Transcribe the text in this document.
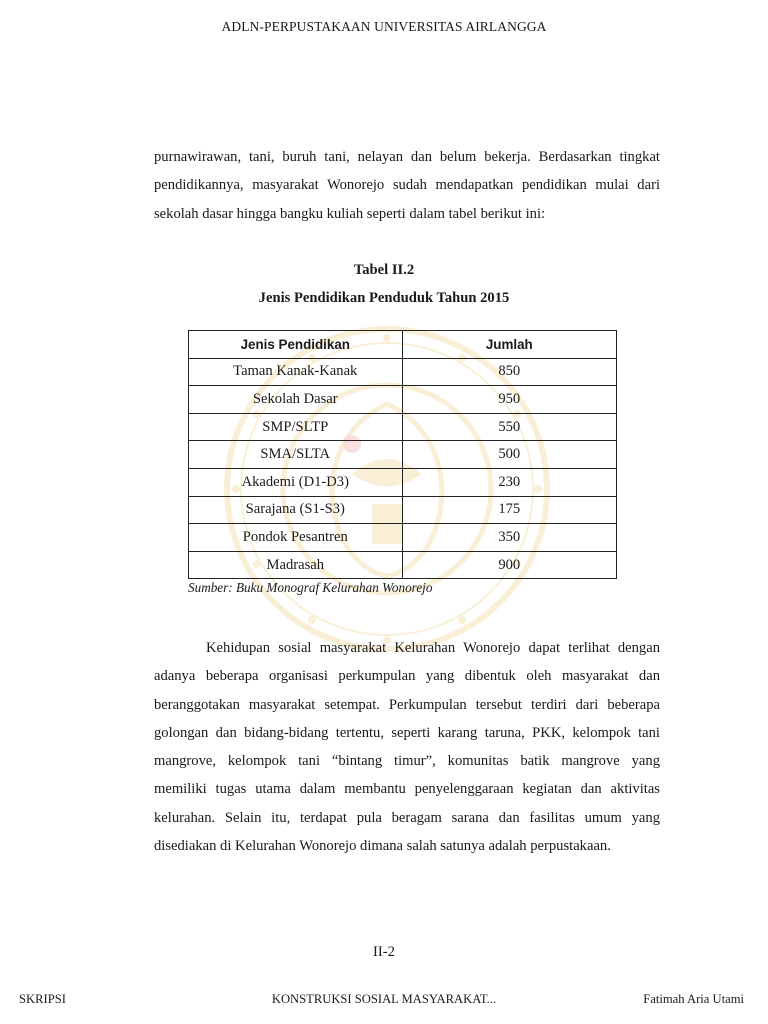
ADLN-PERPUSTAKAAN UNIVERSITAS AIRLANGGA
purnawirawan, tani, buruh tani, nelayan dan belum bekerja. Berdasarkan tingkat
pendidikannya, masyarakat Wonorejo sudah mendapatkan pendidikan mulai dari
sekolah dasar hingga bangku kuliah seperti dalam tabel berikut ini:
Tabel II.2
Jenis Pendidikan Penduduk Tahun 2015
Jenis Pendidikan	Jumlah
Taman Kanak-Kanak	850
Sekolah Dasar	950
SMP/SLTP	550
SMA/SLTA	500
Akademi (D1-D3)	230
Sarajana (S1-S3)	175
Pondok Pesantren	350
Madrasah	900
Sumber: Buku Monograf Kelurahan Wonorejo
Kehidupan sosial masyarakat Kelurahan Wonorejo dapat terlihat dengan
adanya beberapa organisasi perkumpulan yang dibentuk oleh masyarakat dan
beranggotakan masyarakat setempat. Perkumpulan tersebut terdiri dari beberapa
golongan dan bidang-bidang tertentu, seperti karang taruna, PKK, kelompok tani
mangrove, kelompok tani “bintang timur”, komunitas batik mangrove yang
memiliki tugas utama dalam membantu penyelenggaraan kegiatan dan aktivitas
kelurahan. Selain itu, terdapat pula beragam sarana dan fasilitas umum yang
disediakan di Kelurahan Wonorejo dimana salah satunya adalah perpustakaan.
II-2
SKRIPSI	KONSTRUKSI SOSIAL MASYARAKAT...	Fatimah Aria Utami
